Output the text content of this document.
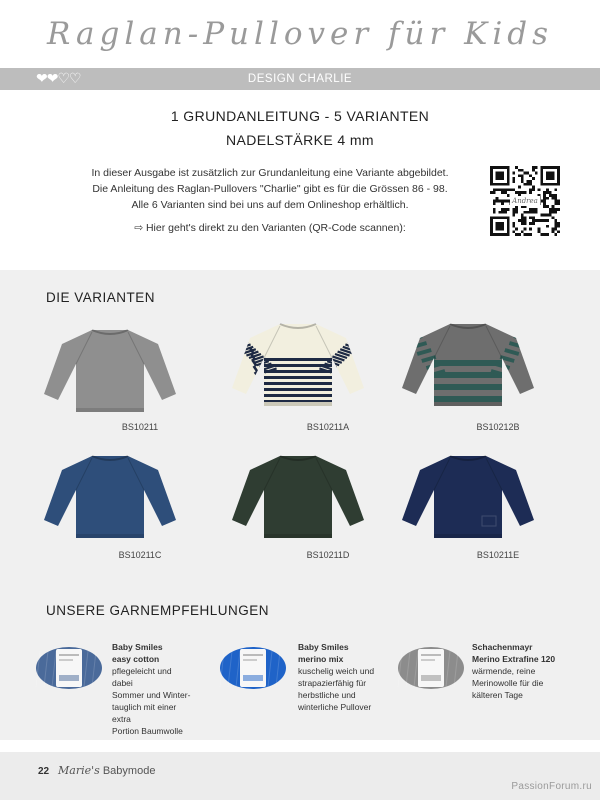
Raglan-Pullover für Kids
❤❤♡♡	DESIGN CHARLIE
1 GRUNDANLEITUNG - 5 VARIANTEN
NADELSTÄRKE 4 mm
In dieser Ausgabe ist zusätzlich zur Grundanleitung eine Variante abgebildet.
Die Anleitung des Raglan-Pullovers "Charlie" gibt es für die Grössen 86 - 98.
Alle 6 Varianten sind bei uns auf dem Onlineshop erhältlich.
⇨ Hier geht's direkt zu den Varianten (QR-Code scannen):
Andrea
DIE VARIANTEN
BS10211	BS10211A	BS10212B
BS10211C	BS10211D	BS10211E
UNSERE GARNEMPFEHLUNGEN
Baby Smiles
easy cotton
pflegeleicht und dabei
Sommer und Winter-
tauglich mit einer extra
Portion Baumwolle
Baby Smiles
merino mix
kuschelig weich und
strapazierfähig für
herbstliche und
winterliche Pullover
Schachenmayr
Merino Extrafine 120
wärmende, reine
Merinowolle für die
kälteren Tage
22 Marie's Babymode
PassionForum.ru
